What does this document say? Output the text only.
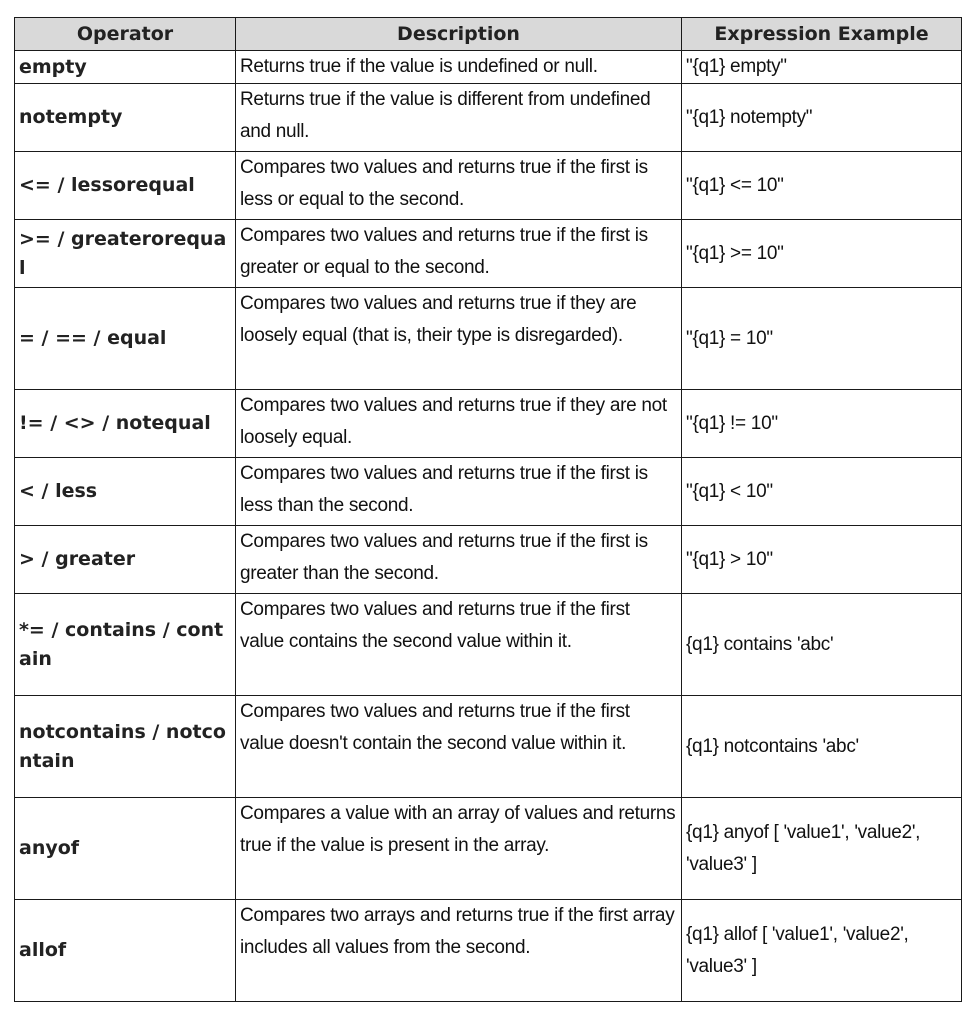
Operator	Description	Expression Example
empty	Returns true if the value is undefined or null.	"{q1} empty"
notempty	Returns true if the value is different from undefined and null.	"{q1} notempty"
<= / lessorequal	Compares two values and returns true if the first is less or equal to the second.	"{q1} <= 10"
>= / greaterorequal	Compares two values and returns true if the first is greater or equal to the second.	"{q1} >= 10"
= / == / equal	Compares two values and returns true if they are loosely equal (that is, their type is disregarded).	"{q1} = 10"
!= / <> / notequal	Compares two values and returns true if they are not loosely equal.	"{q1} != 10"
< / less	Compares two values and returns true if the first is less than the second.	"{q1} < 10"
> / greater	Compares two values and returns true if the first is greater than the second.	"{q1} > 10"
*= / contains / contain	Compares two values and returns true if the first value contains the second value within it.	{q1} contains 'abc'
notcontains / notcontain	Compares two values and returns true if the first value doesn't contain the second value within it.	{q1} notcontains 'abc'
anyof	Compares a value with an array of values and returns true if the value is present in the array.	{q1} anyof [ 'value1', 'value2', 'value3' ]
allof	Compares two arrays and returns true if the first array includes all values from the second.	{q1} allof [ 'value1', 'value2', 'value3' ]
